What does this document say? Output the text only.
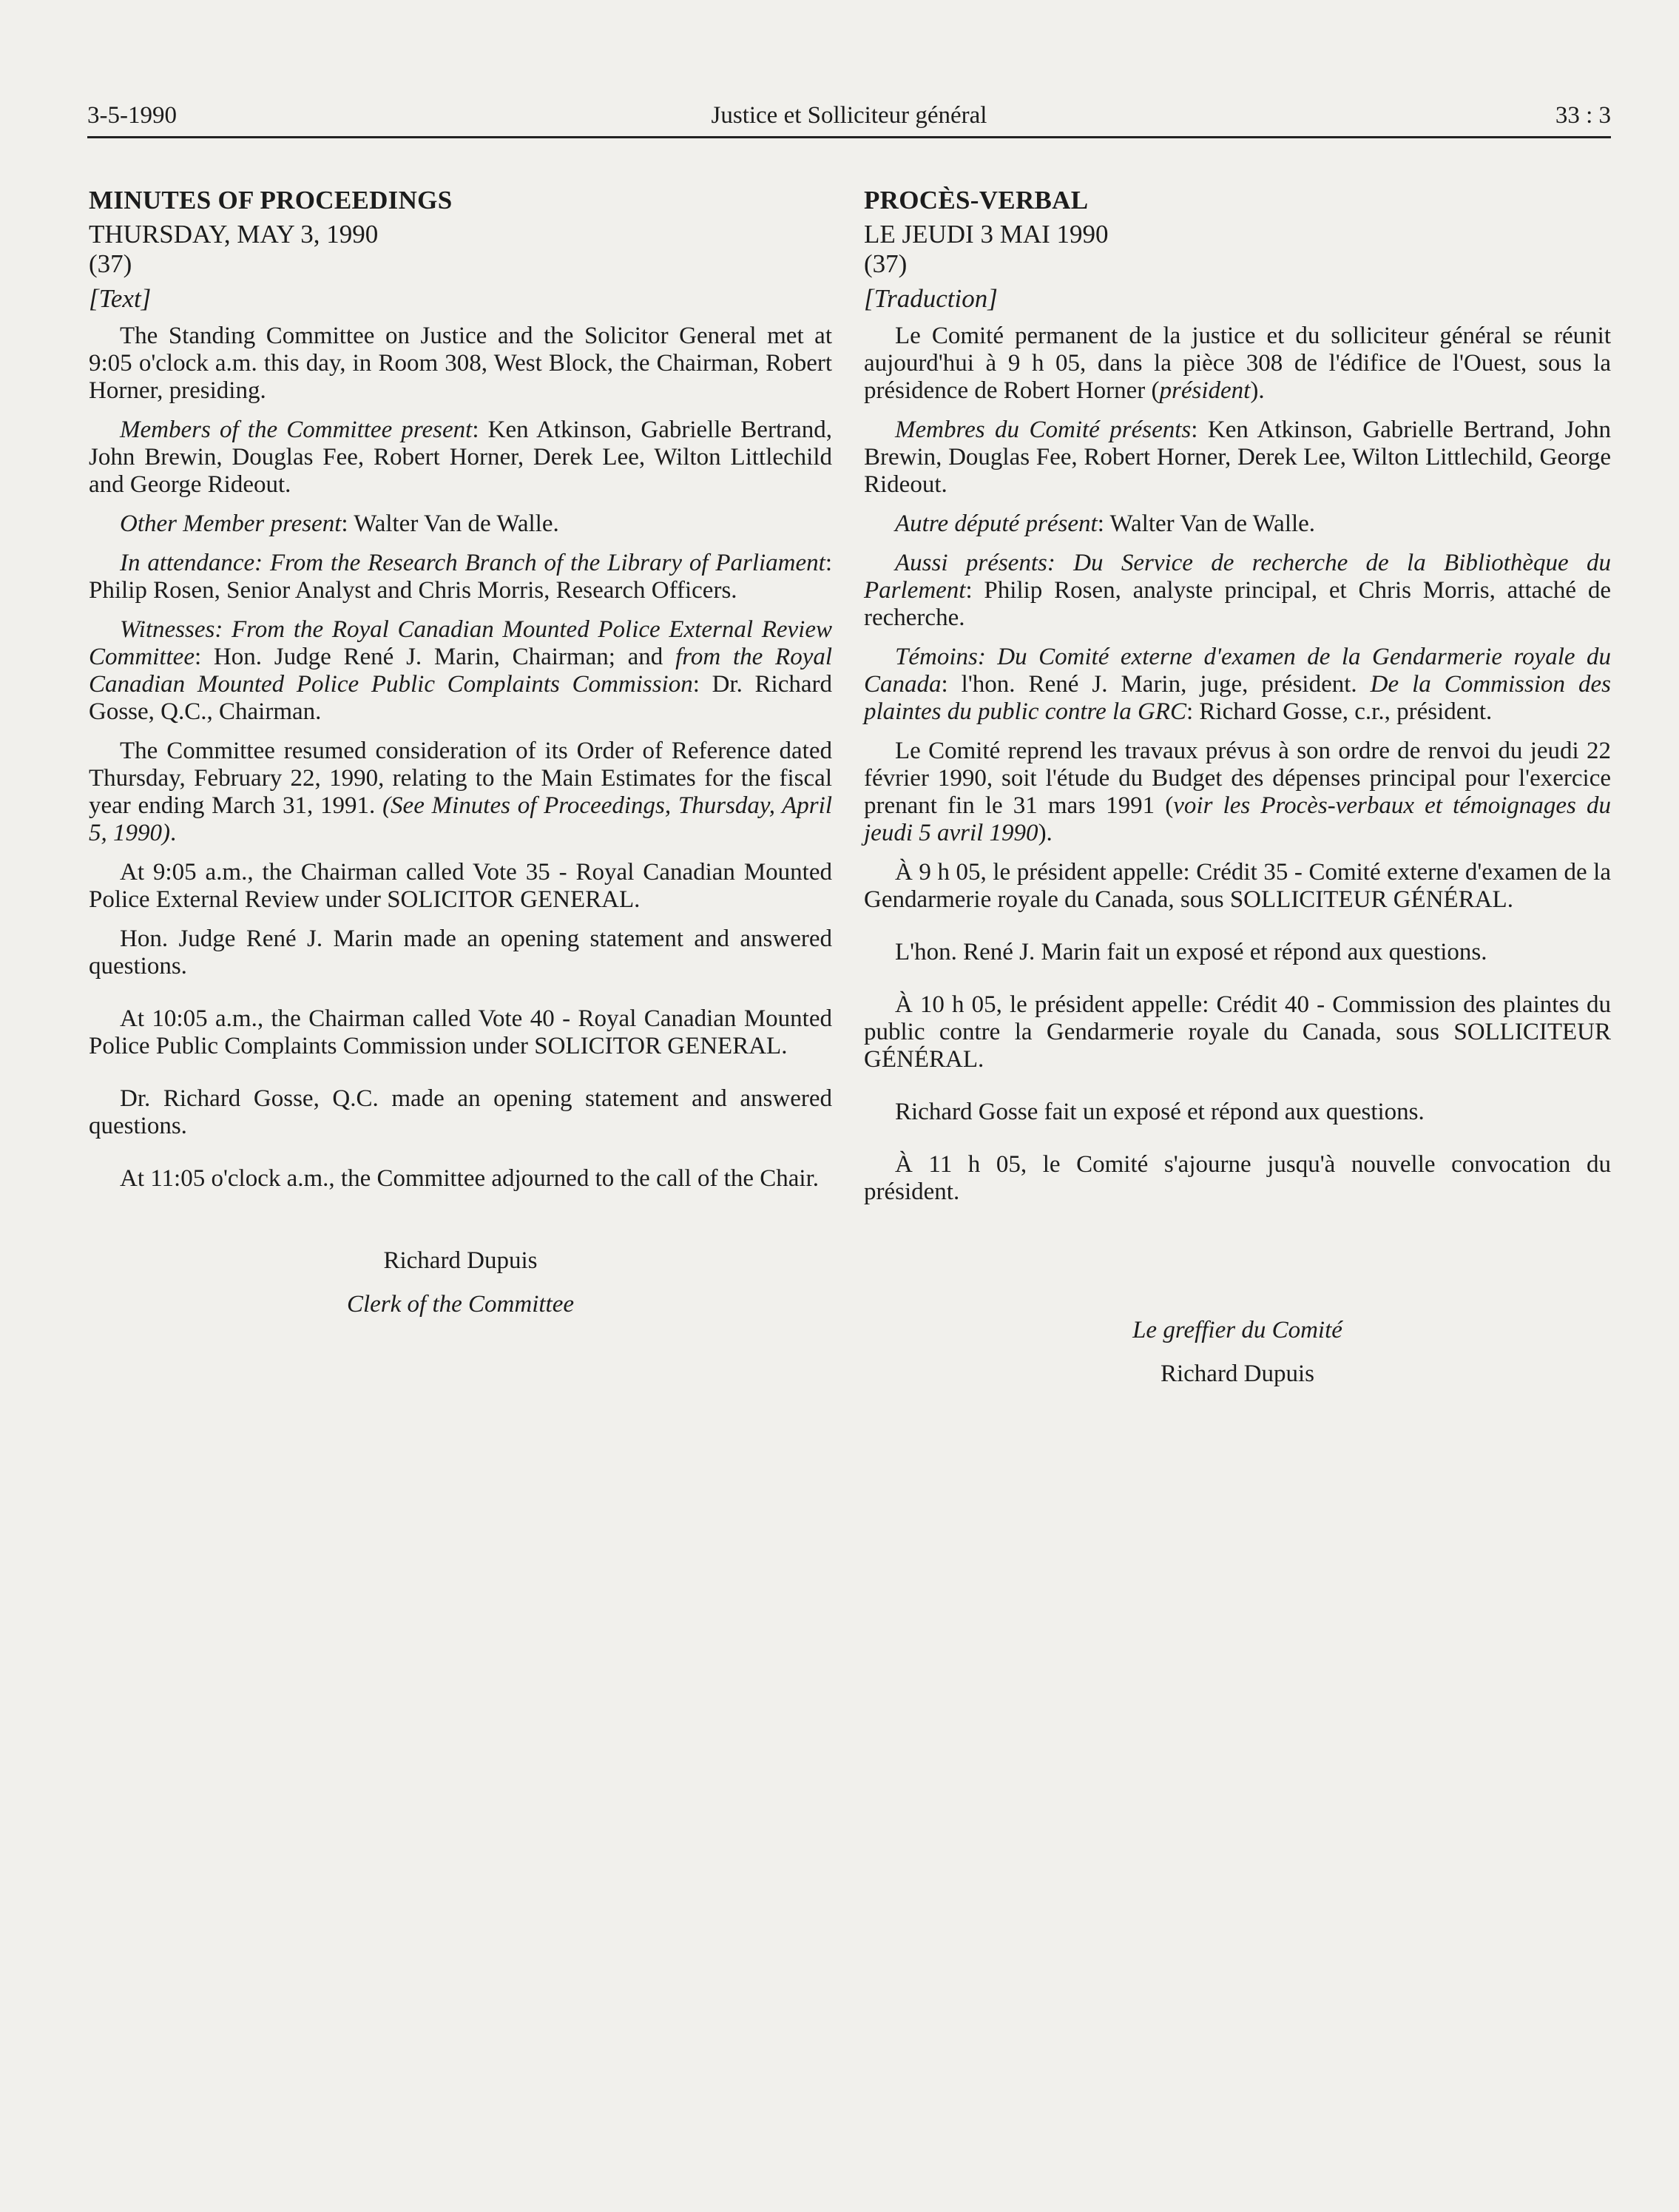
3-5-1990	Justice et Solliciteur général	33 : 3
MINUTES OF PROCEEDINGS
THURSDAY, MAY 3, 1990
(37)
[Text]

The Standing Committee on Justice and the Solicitor General met at 9:05 o'clock a.m. this day, in Room 308, West Block, the Chairman, Robert Horner, presiding.

Members of the Committee present: Ken Atkinson, Gabrielle Bertrand, John Brewin, Douglas Fee, Robert Horner, Derek Lee, Wilton Littlechild and George Rideout.

Other Member present: Walter Van de Walle.

In attendance: From the Research Branch of the Library of Parliament: Philip Rosen, Senior Analyst and Chris Morris, Research Officers.

Witnesses: From the Royal Canadian Mounted Police External Review Committee: Hon. Judge René J. Marin, Chairman; and from the Royal Canadian Mounted Police Public Complaints Commission: Dr. Richard Gosse, Q.C., Chairman.

The Committee resumed consideration of its Order of Reference dated Thursday, February 22, 1990, relating to the Main Estimates for the fiscal year ending March 31, 1991. (See Minutes of Proceedings, Thursday, April 5, 1990).

At 9:05 a.m., the Chairman called Vote 35 - Royal Canadian Mounted Police External Review under SOLICITOR GENERAL.

Hon. Judge René J. Marin made an opening statement and answered questions.

At 10:05 a.m., the Chairman called Vote 40 - Royal Canadian Mounted Police Public Complaints Commission under SOLICITOR GENERAL.

Dr. Richard Gosse, Q.C. made an opening statement and answered questions.

At 11:05 o'clock a.m., the Committee adjourned to the call of the Chair.

Richard Dupuis
Clerk of the Committee
PROCÈS-VERBAL
LE JEUDI 3 MAI 1990
(37)
[Traduction]

Le Comité permanent de la justice et du solliciteur général se réunit aujourd'hui à 9 h 05, dans la pièce 308 de l'édifice de l'Ouest, sous la présidence de Robert Horner (président).

Membres du Comité présents: Ken Atkinson, Gabrielle Bertrand, John Brewin, Douglas Fee, Robert Horner, Derek Lee, Wilton Littlechild, George Rideout.

Autre député présent: Walter Van de Walle.

Aussi présents: Du Service de recherche de la Bibliothèque du Parlement: Philip Rosen, analyste principal, et Chris Morris, attaché de recherche.

Témoins: Du Comité externe d'examen de la Gendarmerie royale du Canada: l'hon. René J. Marin, juge, président. De la Commission des plaintes du public contre la GRC: Richard Gosse, c.r., président.

Le Comité reprend les travaux prévus à son ordre de renvoi du jeudi 22 février 1990, soit l'étude du Budget des dépenses principal pour l'exercice prenant fin le 31 mars 1991 (voir les Procès-verbaux et témoignages du jeudi 5 avril 1990).

À 9 h 05, le président appelle: Crédit 35 - Comité externe d'examen de la Gendarmerie royale du Canada, sous SOLLICITEUR GÉNÉRAL.

L'hon. René J. Marin fait un exposé et répond aux questions.

À 10 h 05, le président appelle: Crédit 40 - Commission des plaintes du public contre la Gendarmerie royale du Canada, sous SOLLICITEUR GÉNÉRAL.

Richard Gosse fait un exposé et répond aux questions.

À 11 h 05, le Comité s'ajourne jusqu'à nouvelle convocation du président.

Le greffier du Comité
Richard Dupuis
